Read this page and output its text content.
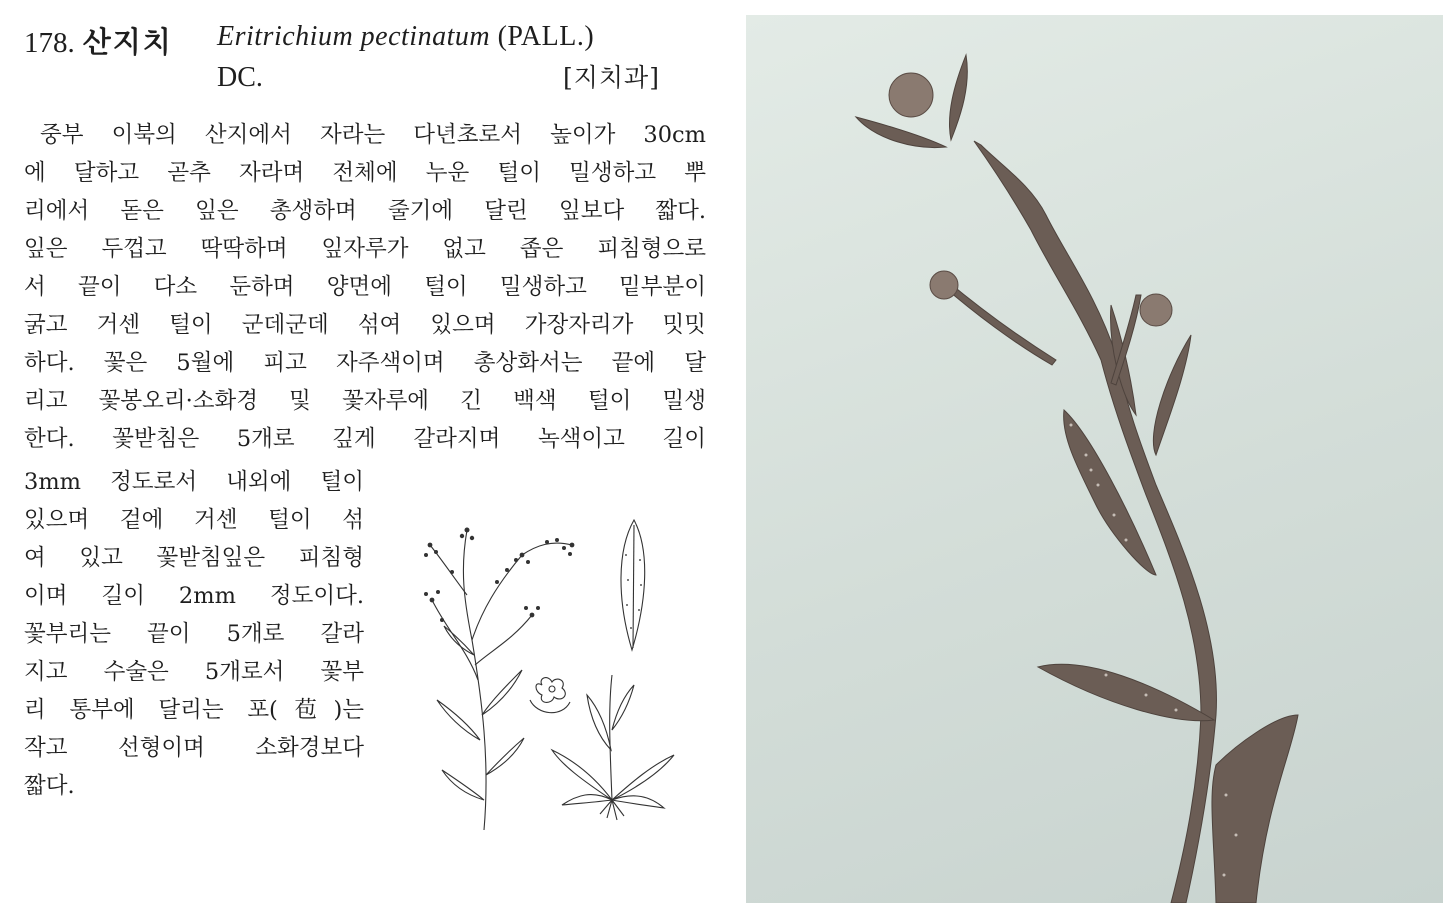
178. 산지치 Eritrichium pectinatum (PALL.)
DC.	[지치과]
중부 이북의 산지에서 자라는 다년초로서 높이가 30cm
에 달하고 곧추 자라며 전체에 누운 털이 밀생하고 뿌
리에서 돋은 잎은 총생하며 줄기에 달린 잎보다 짧다.
잎은 두껍고 딱딱하며 잎자루가 없고 좁은 피침형으로
서 끝이 다소 둔하며 양면에 털이 밀생하고 밑부분이
굵고 거센 털이 군데군데 섞여 있으며 가장자리가 밋밋
하다. 꽃은 5월에 피고 자주색이며 총상화서는 끝에 달
리고 꽃봉오리·소화경 및 꽃자루에 긴 백색 털이 밀생
한다. 꽃받침은 5개로 깊게 갈라지며 녹색이고 길이
3mm 정도로서 내외에 털이
있으며 겉에 거센 털이 섞
여 있고 꽃받침잎은 피침형
이며 길이 2mm 정도이다.
꽃부리는 끝이 5개로 갈라
지고 수술은 5개로서 꽃부
리 통부에 달리는 포(苞)는
작고 선형이며 소화경보다
짧다.
